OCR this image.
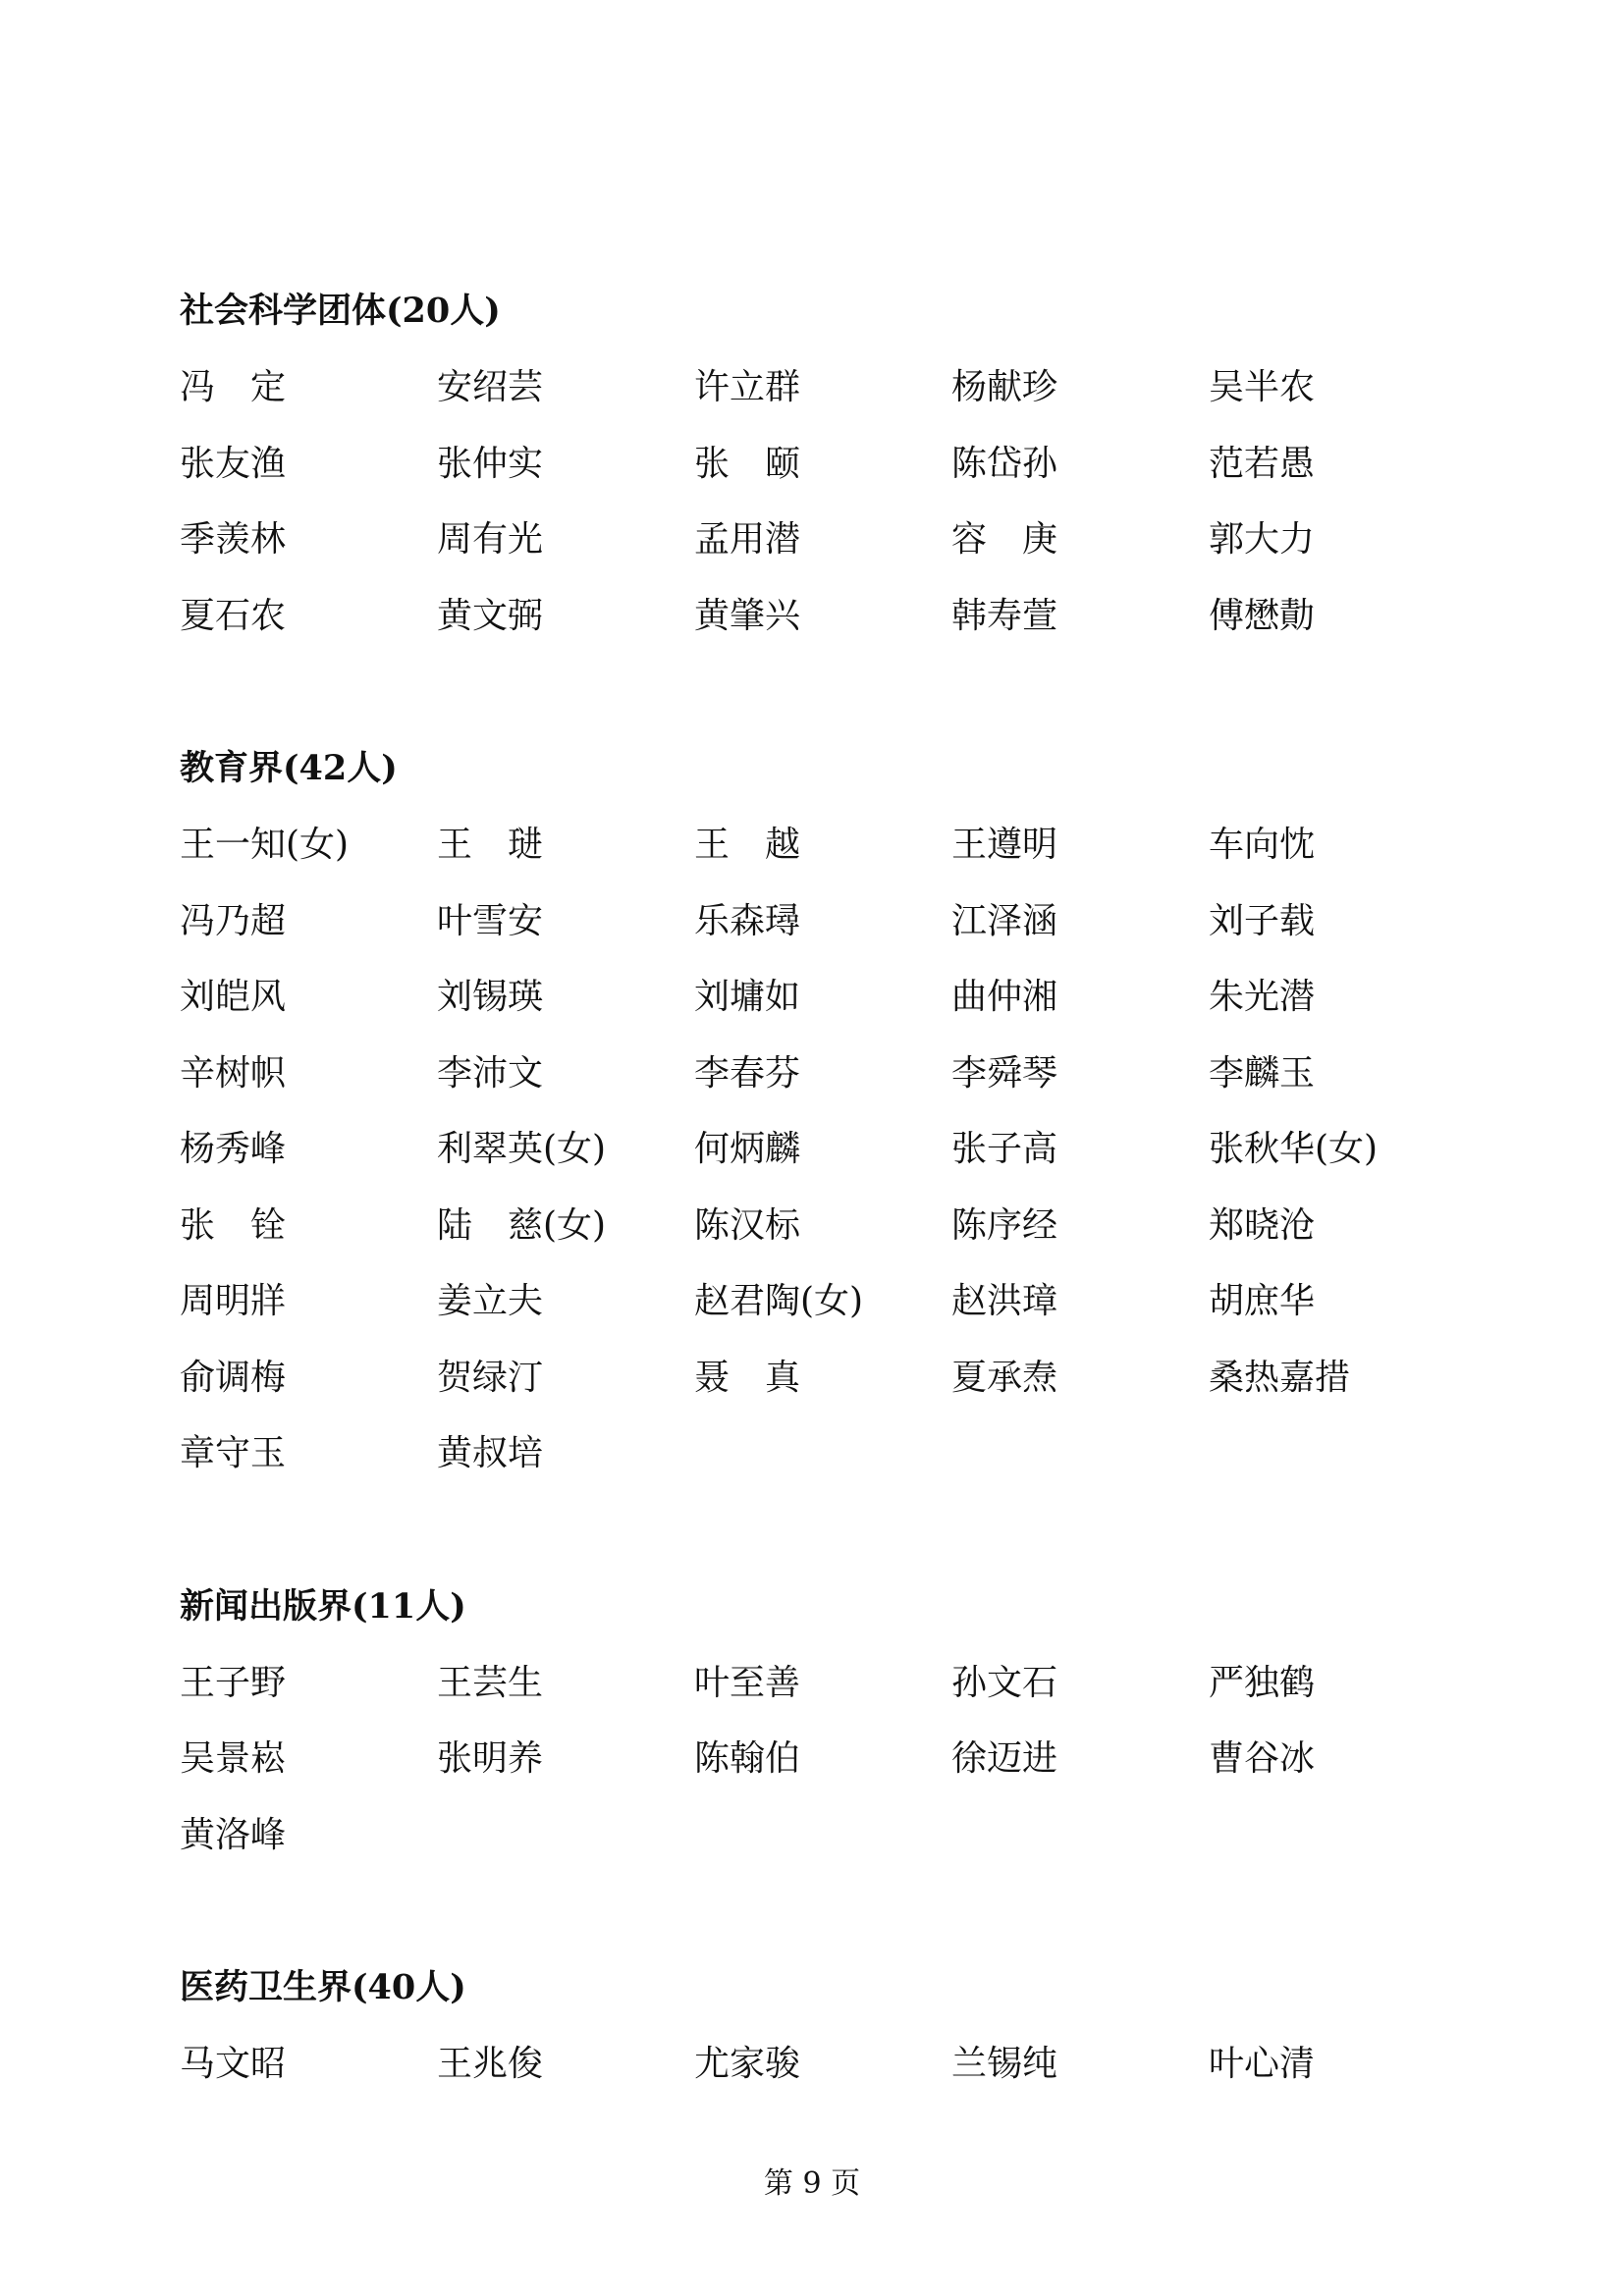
社会科学团体(20人)
冯　定	安绍芸	许立群	杨献珍	吴半农
张友渔	张仲实	张　颐	陈岱孙	范若愚
季羡林	周有光	孟用潜	容　庚	郭大力
夏石农	黄文弼	黄肇兴	韩寿萱	傅懋勣
教育界(42人)
王一知(女)	王　琎	王　越	王遵明	车向忱
冯乃超	叶雪安	乐森璕	江泽涵	刘子载
刘皑风	刘锡瑛	刘墉如	曲仲湘	朱光潜
辛树帜	李沛文	李春芬	李舜琴	李麟玉
杨秀峰	利翠英(女)	何炳麟	张子高	张秋华(女)
张　铨	陆　慈(女)	陈汉标	陈序经	郑晓沧
周明牂	姜立夫	赵君陶(女)	赵洪璋	胡庶华
俞调梅	贺绿汀	聂　真	夏承焘	桑热嘉措
章守玉	黄叔培
新闻出版界(11人)
王子野	王芸生	叶至善	孙文石	严独鹤
吴景崧	张明养	陈翰伯	徐迈进	曹谷冰
黄洛峰
医药卫生界(40人)
马文昭	王兆俊	尤家骏	兰锡纯	叶心清
第 9 页
